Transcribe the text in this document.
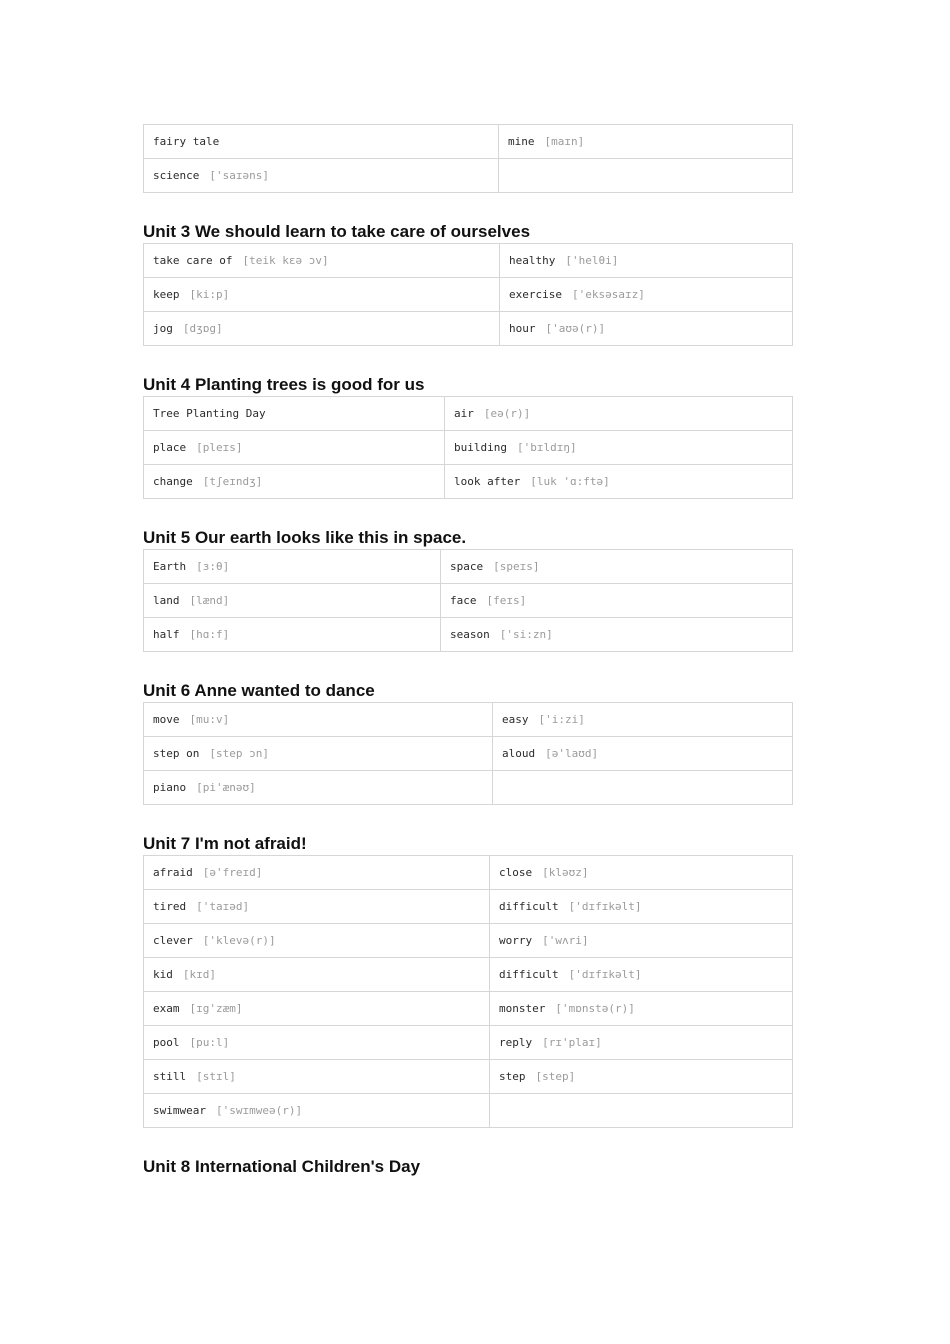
fairy tale	mine [maɪn]
science ['saɪəns]	
Unit 3 We should learn to take care of ourselves
take care of [teik kɛə ɔv]	healthy ['helθi]
keep [ki:p]	exercise ['eksəsaɪz]
jog [dʒɒg]	hour ['aʊə(r)]
Unit 4 Planting trees is good for us
Tree Planting Day	air [eə(r)]
place [pleɪs]	building ['bɪldɪŋ]
change [tʃeɪndʒ]	look after [luk 'ɑ:ftə]
Unit 5 Our earth looks like this in space.
Earth [ɜ:θ]	space [speɪs]
land [lænd]	face [feɪs]
half [hɑ:f]	season ['si:zn]
Unit 6 Anne wanted to dance
move [mu:v]	easy ['i:zi]
step on [step ɔn]	aloud [ə'laʊd]
piano [pi'ænəʊ]	
Unit 7 I'm not afraid!
afraid [ə'freɪd]	close [kləʊz]
tired ['taɪəd]	difficult ['dɪfɪkəlt]
clever ['klevə(r)]	worry ['wʌri]
kid [kɪd]	difficult ['dɪfɪkəlt]
exam [ɪg'zæm]	monster ['mɒnstə(r)]
pool [pu:l]	reply [rɪ'plaɪ]
still [stɪl]	step [step]
swimwear ['swɪmweə(r)]	
Unit 8 International Children's Day
